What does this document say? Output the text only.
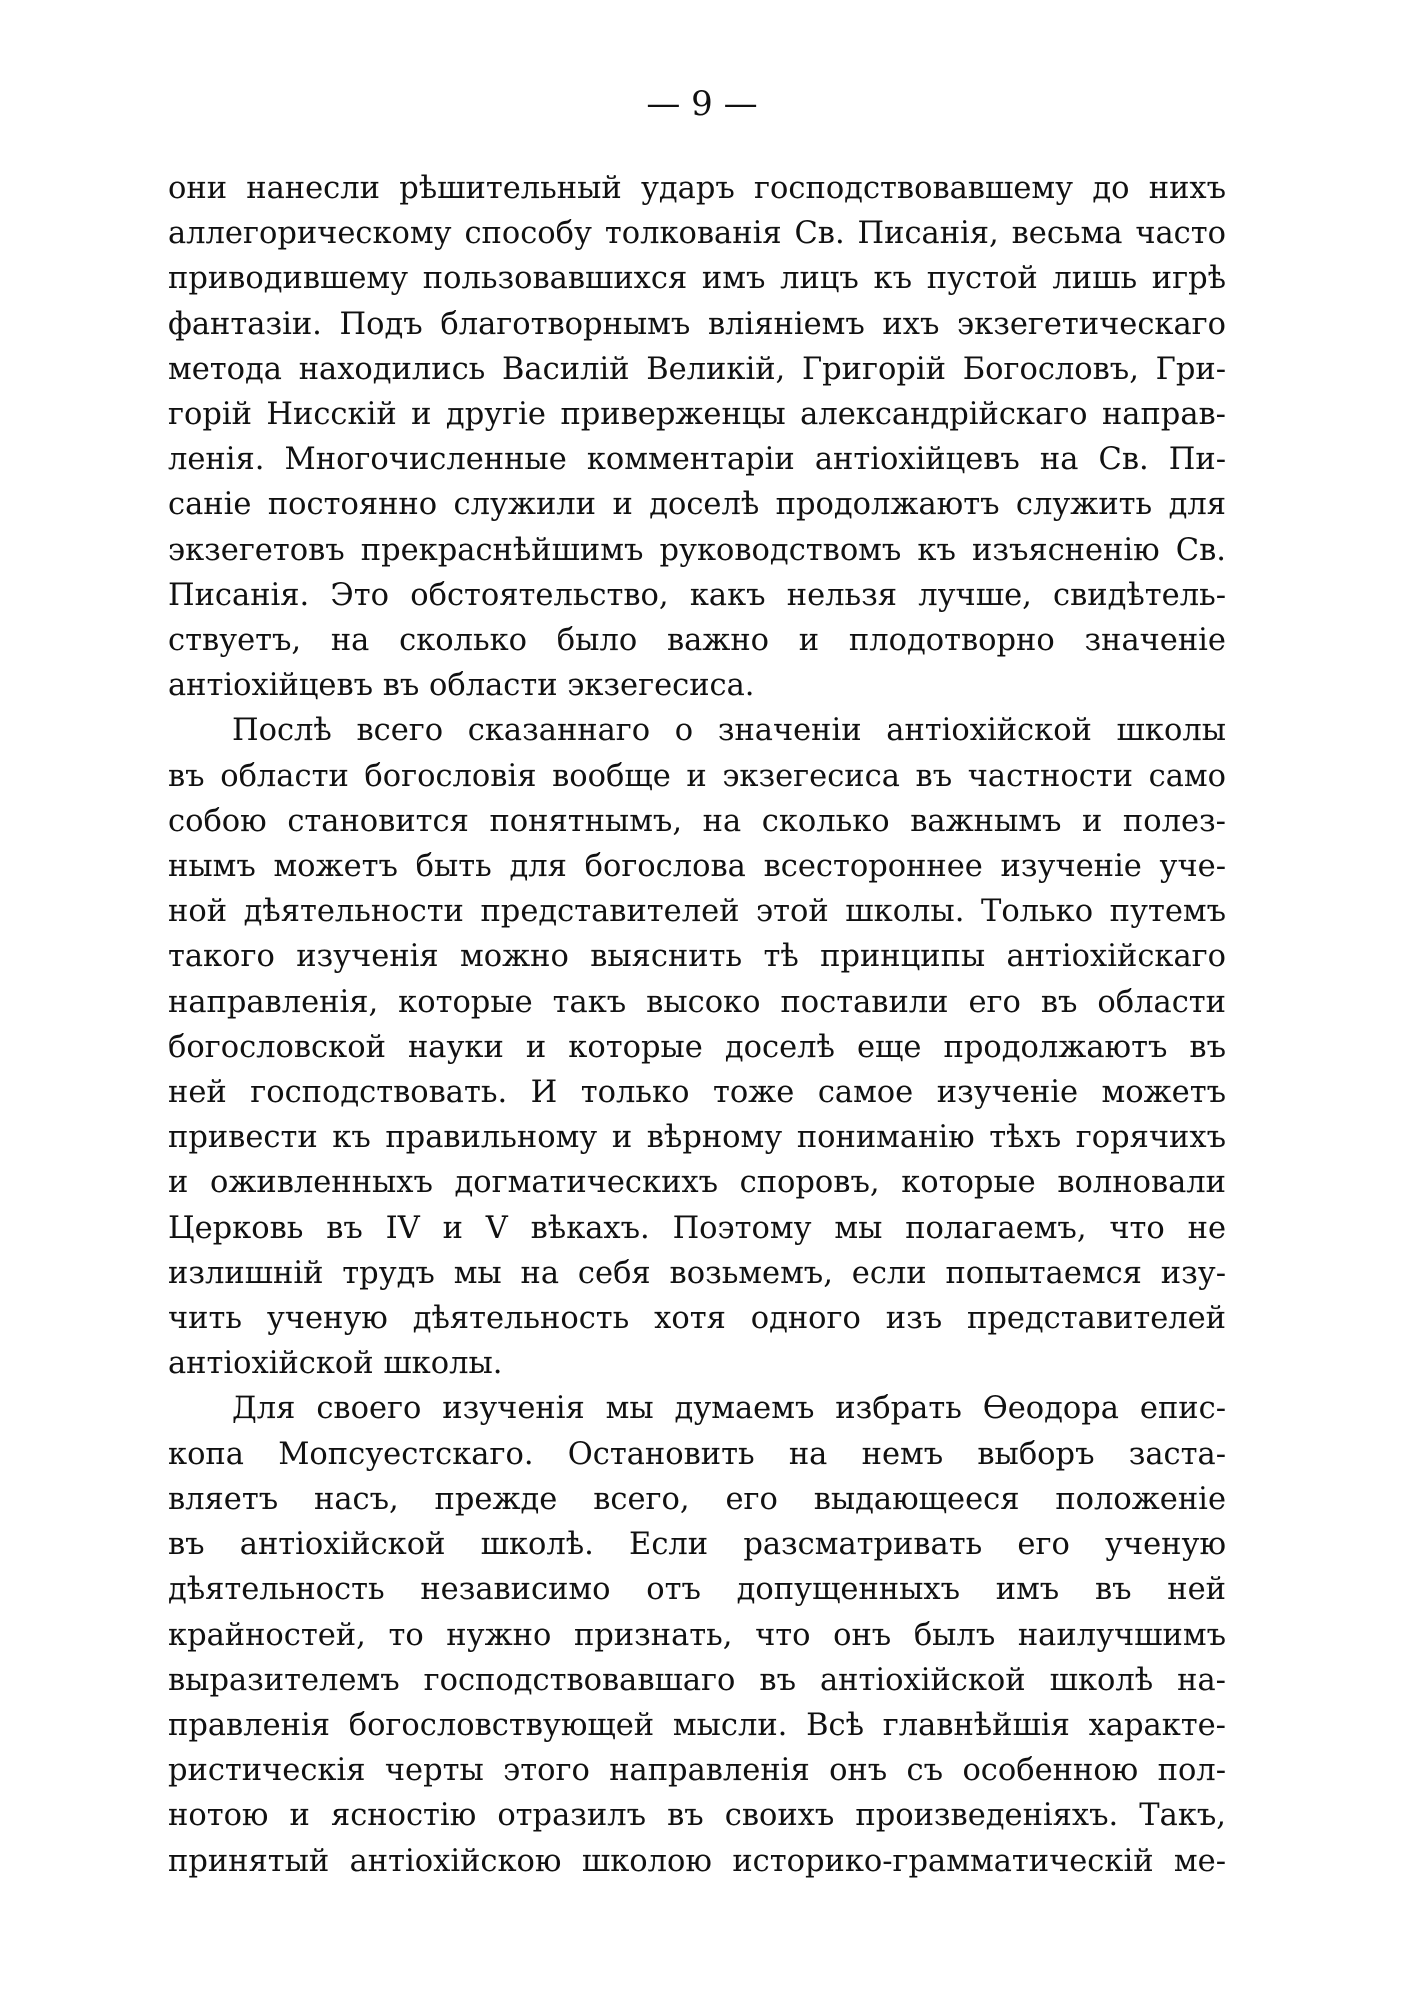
— 9 —
они нанесли рѣшительный ударъ господствовавшему до нихъ
аллегорическому способу толкованія Св. Писанія, весьма часто
приводившему пользовавшихся имъ лицъ къ пустой лишь игрѣ
фантазіи. Подъ благотворнымъ вліяніемъ ихъ экзегетическаго
метода находились Василій Великій, Григорій Богословъ, Гри-
горій Нисскій и другіе приверженцы александрійскаго направ-
ленія. Многочисленные комментаріи антіохійцевъ на Св. Пи-
саніе постоянно служили и доселѣ продолжаютъ служить для
экзегетовъ прекраснѣйшимъ руководствомъ къ изъясненію Св.
Писанія. Это обстоятельство, какъ нельзя лучше, свидѣтель-
ствуетъ, на сколько было важно и плодотворно значеніе
антіохійцевъ въ области экзегесиса.
Послѣ всего сказаннаго о значеніи антіохійской школы
въ области богословія вообще и экзегесиса въ частности само
собою становится понятнымъ, на сколько важнымъ и полез-
нымъ можетъ быть для богослова всестороннее изученіе уче-
ной дѣятельности представителей этой школы. Только путемъ
такого изученія можно выяснить тѣ принципы антіохійскаго
направленія, которые такъ высоко поставили его въ области
богословской науки и которые доселѣ еще продолжаютъ въ
ней господствовать. И только тоже самое изученіе можетъ
привести къ правильному и вѣрному пониманію тѣхъ горячихъ
и оживленныхъ догматическихъ споровъ, которые волновали
Церковь въ IV и V вѣкахъ. Поэтому мы полагаемъ, что не
излишній трудъ мы на себя возьмемъ, если попытаемся изу-
чить ученую дѣятельность хотя одного изъ представителей
антіохійской школы.
Для своего изученія мы думаемъ избрать Ѳеодора епис-
копа Мопсуестскаго. Остановить на немъ выборъ заста-
вляетъ насъ, прежде всего, его выдающееся положеніе
въ антіохійской школѣ. Если разсматривать его ученую
дѣятельность независимо отъ допущенныхъ имъ въ ней
крайностей, то нужно признать, что онъ былъ наилучшимъ
выразителемъ господствовавшаго въ антіохійской школѣ на-
правленія богословствующей мысли. Всѣ главнѣйшія характе-
ристическія черты этого направленія онъ съ особенною пол-
нотою и ясностію отразилъ въ своихъ произведеніяхъ. Такъ,
принятый антіохійскою школою историко-грамматическій ме-
